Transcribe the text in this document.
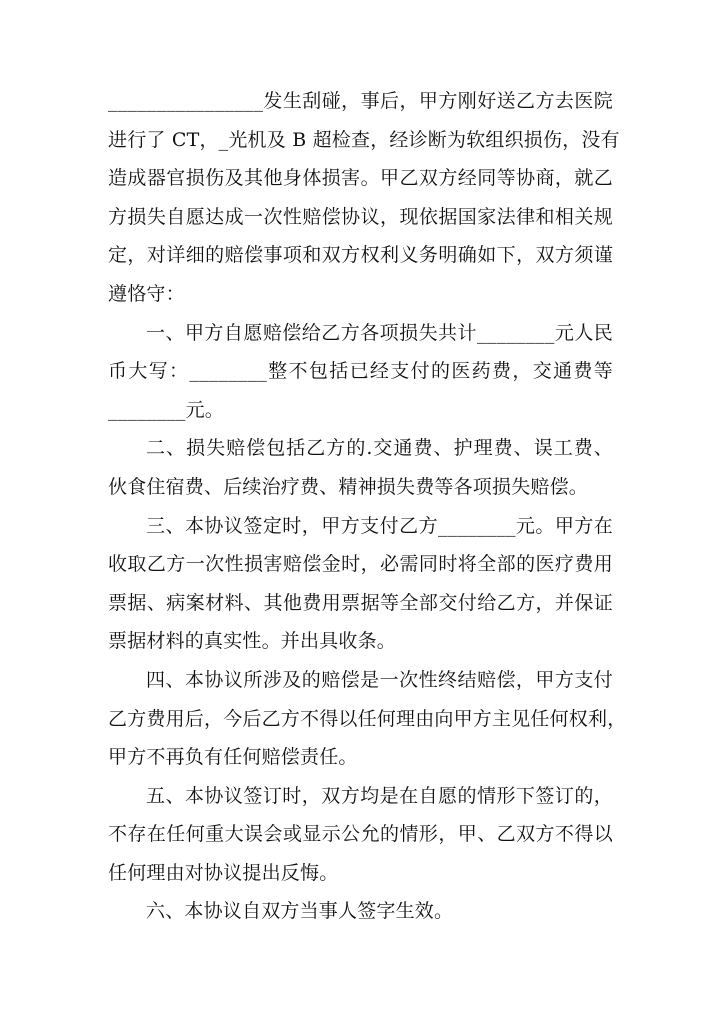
________________发生刮碰，事后，甲方刚好送乙方去医院
进行了 CT，_光机及 B 超检查，经诊断为软组织损伤，没有
造成器官损伤及其他身体损害。甲乙双方经同等协商，就乙
方损失自愿达成一次性赔偿协议，现依据国家法律和相关规
定，对详细的赔偿事项和双方权利义务明确如下，双方须谨
遵恪守：
一、甲方自愿赔偿给乙方各项损失共计________元人民
币大写：________整不包括已经支付的医药费，交通费等
________元。
二、损失赔偿包括乙方的.交通费、护理费、误工费、
伙食住宿费、后续治疗费、精神损失费等各项损失赔偿。
三、本协议签定时，甲方支付乙方________元。甲方在
收取乙方一次性损害赔偿金时，必需同时将全部的医疗费用
票据、病案材料、其他费用票据等全部交付给乙方，并保证
票据材料的真实性。并出具收条。
四、本协议所涉及的赔偿是一次性终结赔偿，甲方支付
乙方费用后，今后乙方不得以任何理由向甲方主见任何权利，
甲方不再负有任何赔偿责任。
五、本协议签订时，双方均是在自愿的情形下签订的，
不存在任何重大误会或显示公允的情形，甲、乙双方不得以
任何理由对协议提出反悔。
六、本协议自双方当事人签字生效。
